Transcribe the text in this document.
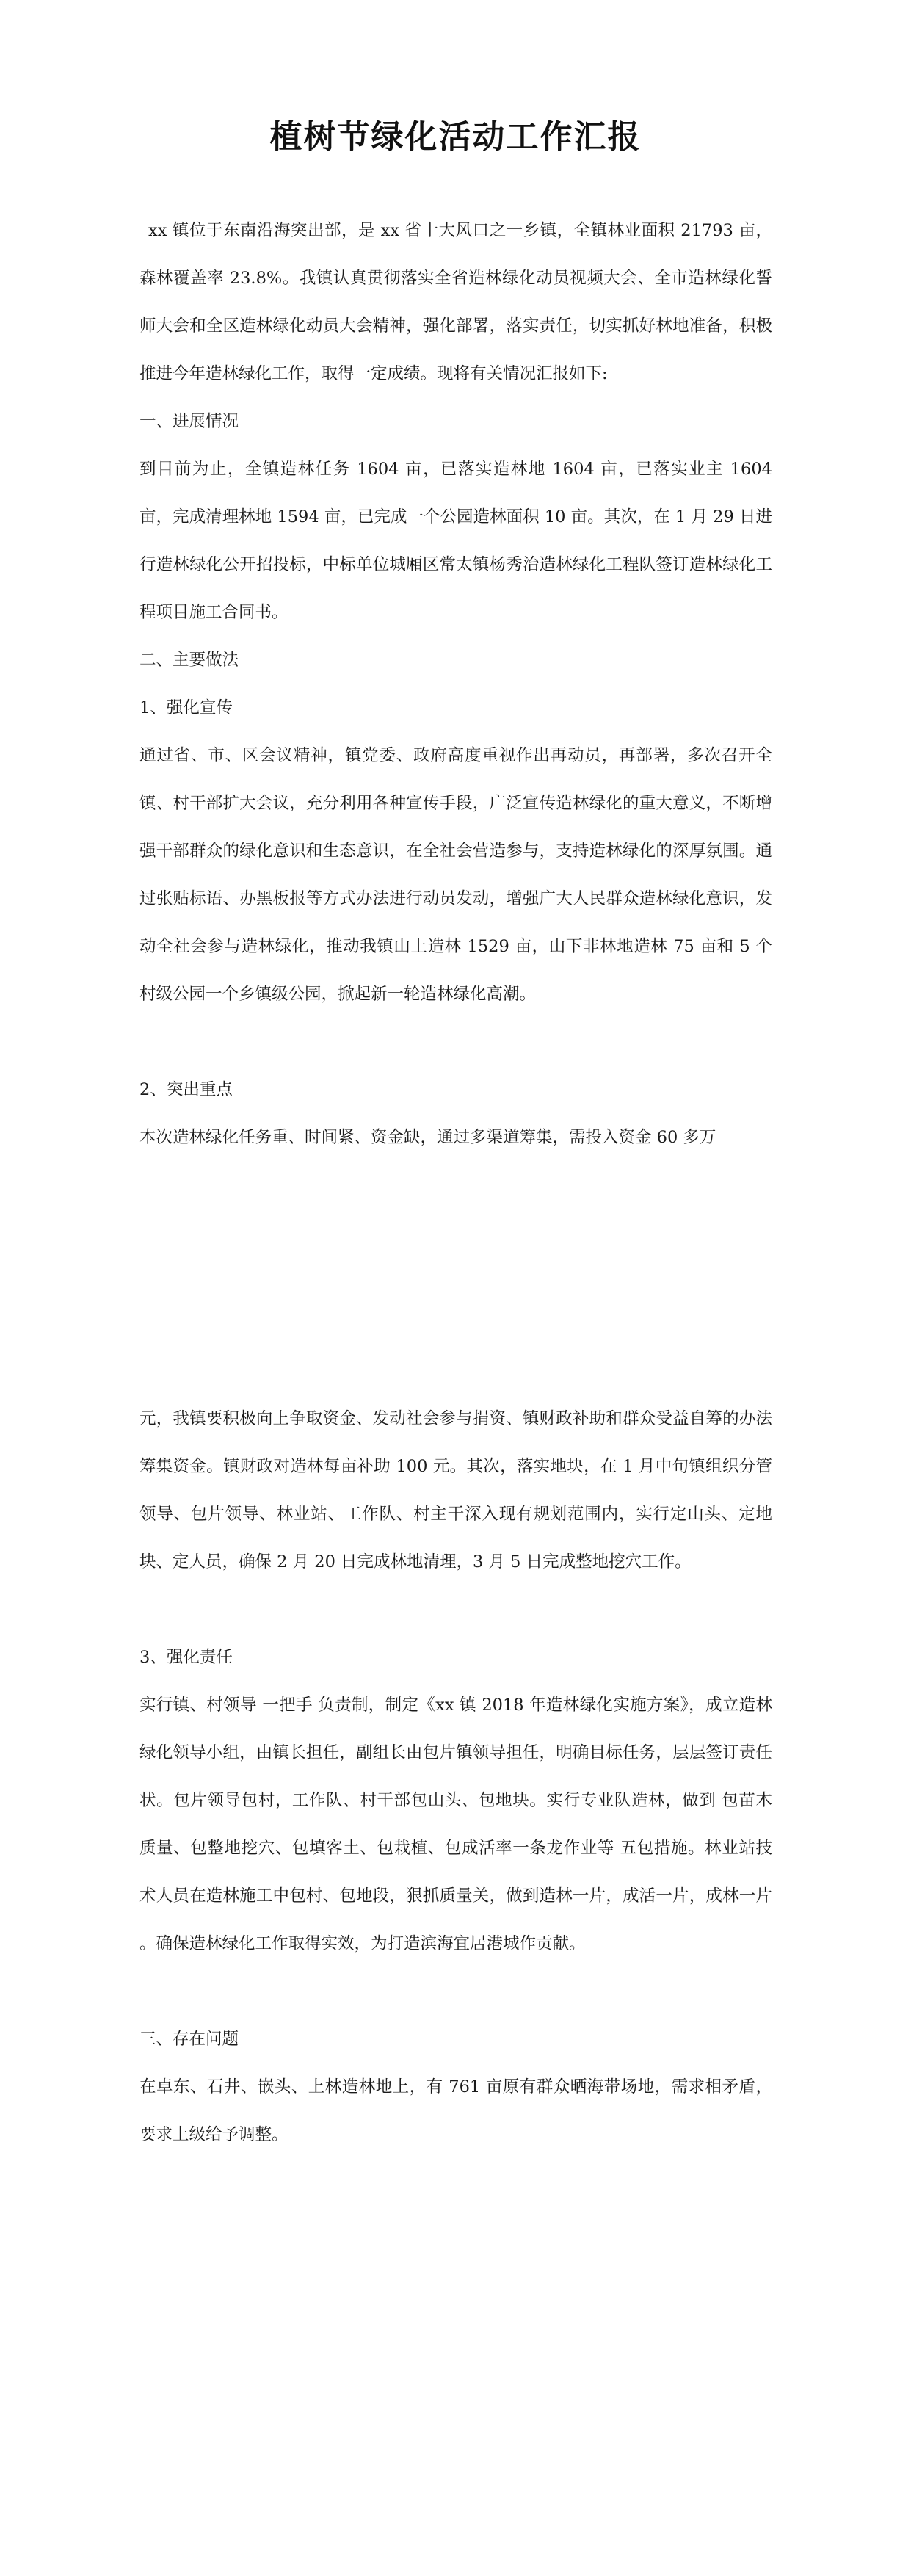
植树节绿化活动工作汇报
xx 镇位于东南沿海突出部，是 xx 省十大风口之一乡镇，全镇林业面积 21793 亩，森林覆盖率 23.8%。我镇认真贯彻落实全省造林绿化动员视频大会、全市造林绿化誓师大会和全区造林绿化动员大会精神，强化部署，落实责任，切实抓好林地准备，积极推进今年造林绿化工作，取得一定成绩。现将有关情况汇报如下:
一、进展情况
到目前为止，全镇造林任务 1604 亩，已落实造林地 1604 亩，已落实业主 1604 亩，完成清理林地 1594 亩，已完成一个公园造林面积 10 亩。其次，在 1 月 29 日进行造林绿化公开招投标，中标单位城厢区常太镇杨秀治造林绿化工程队签订造林绿化工程项目施工合同书。
二、主要做法
1、强化宣传
通过省、市、区会议精神，镇党委、政府高度重视作出再动员，再部署，多次召开全镇、村干部扩大会议，充分利用各种宣传手段，广泛宣传造林绿化的重大意义，不断增强干部群众的绿化意识和生态意识，在全社会营造参与，支持造林绿化的深厚氛围。通过张贴标语、办黑板报等方式办法进行动员发动，增强广大人民群众造林绿化意识，发动全社会参与造林绿化，推动我镇山上造林 1529 亩，山下非林地造林 75 亩和 5 个村级公园一个乡镇级公园，掀起新一轮造林绿化高潮。
2、突出重点
本次造林绿化任务重、时间紧、资金缺，通过多渠道筹集，需投入资金 60 多万
元，我镇要积极向上争取资金、发动社会参与捐资、镇财政补助和群众受益自筹的办法筹集资金。镇财政对造林每亩补助 100 元。其次，落实地块，在 1 月中旬镇组织分管领导、包片领导、林业站、工作队、村主干深入现有规划范围内，实行定山头、定地块、定人员，确保 2 月 20 日完成林地清理，3 月 5 日完成整地挖穴工作。
3、强化责任
实行镇、村领导 一把手 负责制，制定《xx 镇 2018 年造林绿化实施方案》，成立造林绿化领导小组，由镇长担任，副组长由包片镇领导担任，明确目标任务，层层签订责任状。包片领导包村，工作队、村干部包山头、包地块。实行专业队造林，做到 包苗木质量、包整地挖穴、包填客土、包栽植、包成活率一条龙作业等 五包措施。林业站技术人员在造林施工中包村、包地段，狠抓质量关，做到造林一片，成活一片，成林一片 。确保造林绿化工作取得实效，为打造滨海宜居港城作贡献。
三、存在问题
在卓东、石井、嵌头、上林造林地上，有 761 亩原有群众晒海带场地，需求相矛盾，要求上级给予调整。
